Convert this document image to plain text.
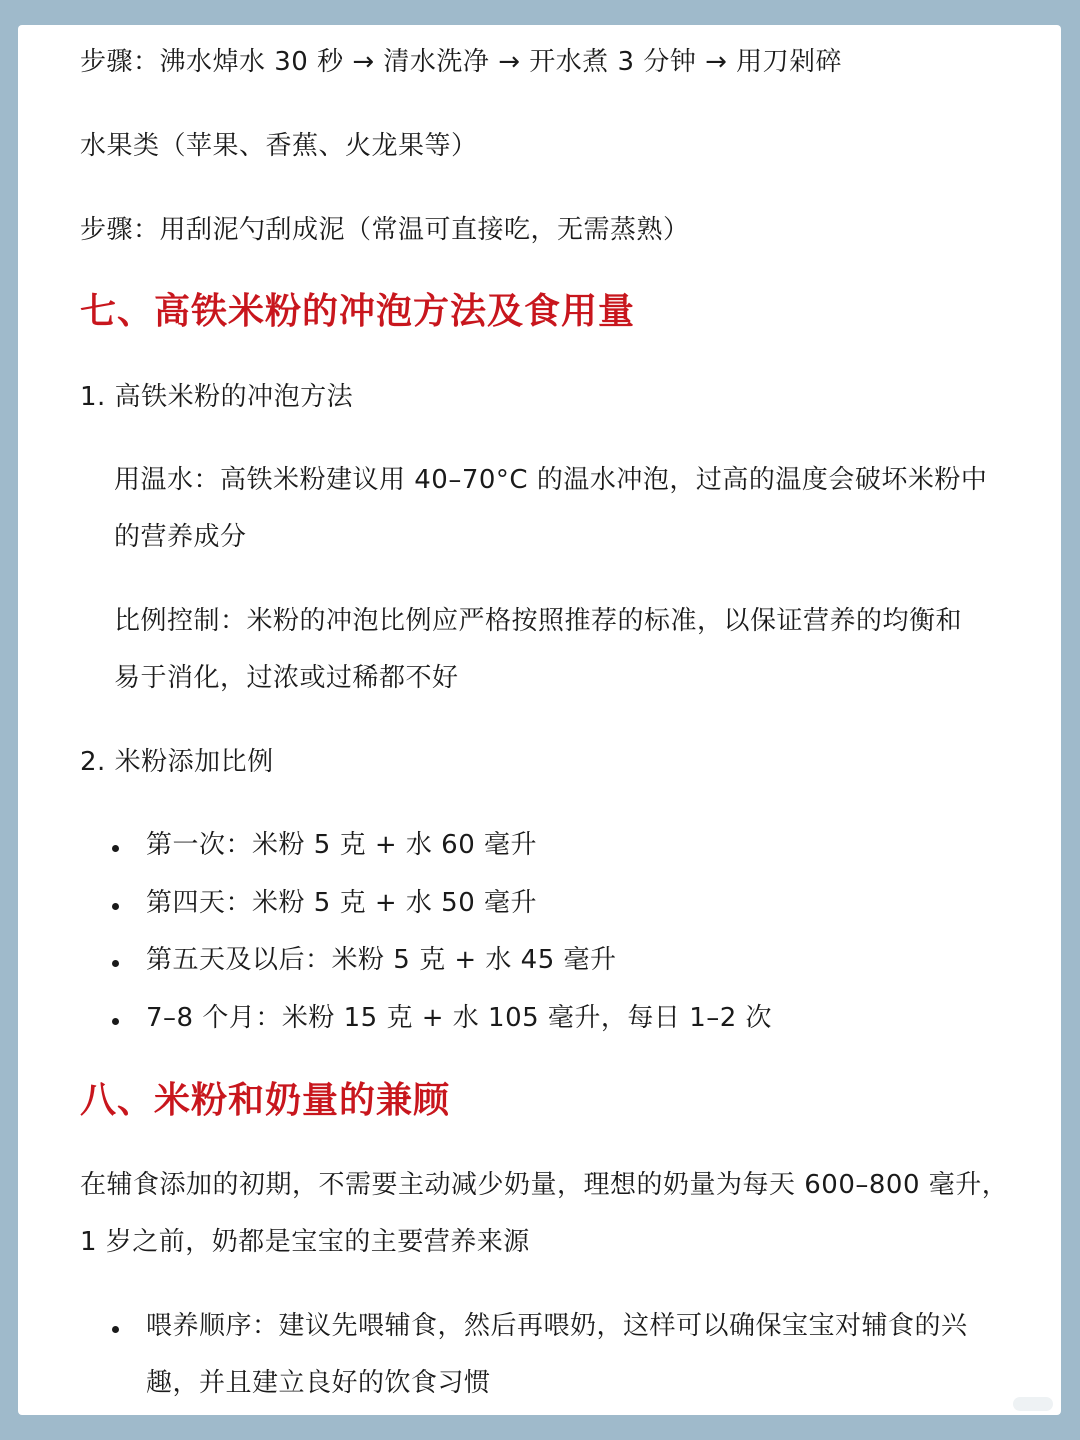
步骤：沸水焯水 30 秒 → 清水洗净 → 开水煮 3 分钟 → 用刀剁碎
水果类（苹果、香蕉、火龙果等）
步骤：用刮泥勺刮成泥（常温可直接吃，无需蒸熟）
七、高铁米粉的冲泡方法及食用量
1. 高铁米粉的冲泡方法
用温水：高铁米粉建议用 40–70°C 的温水冲泡，过高的温度会破坏米粉中
的营养成分
比例控制：米粉的冲泡比例应严格按照推荐的标准，以保证营养的均衡和
易于消化，过浓或过稀都不好
2. 米粉添加比例
第一次：米粉 5 克 + 水 60 毫升
第四天：米粉 5 克 + 水 50 毫升
第五天及以后：米粉 5 克 + 水 45 毫升
7–8 个月：米粉 15 克 + 水 105 毫升，每日 1–2 次
八、米粉和奶量的兼顾
在辅食添加的初期，不需要主动减少奶量，理想的奶量为每天 600–800 毫升，
1 岁之前，奶都是宝宝的主要营养来源
喂养顺序：建议先喂辅食，然后再喂奶，这样可以确保宝宝对辅食的兴
趣，并且建立良好的饮食习惯
